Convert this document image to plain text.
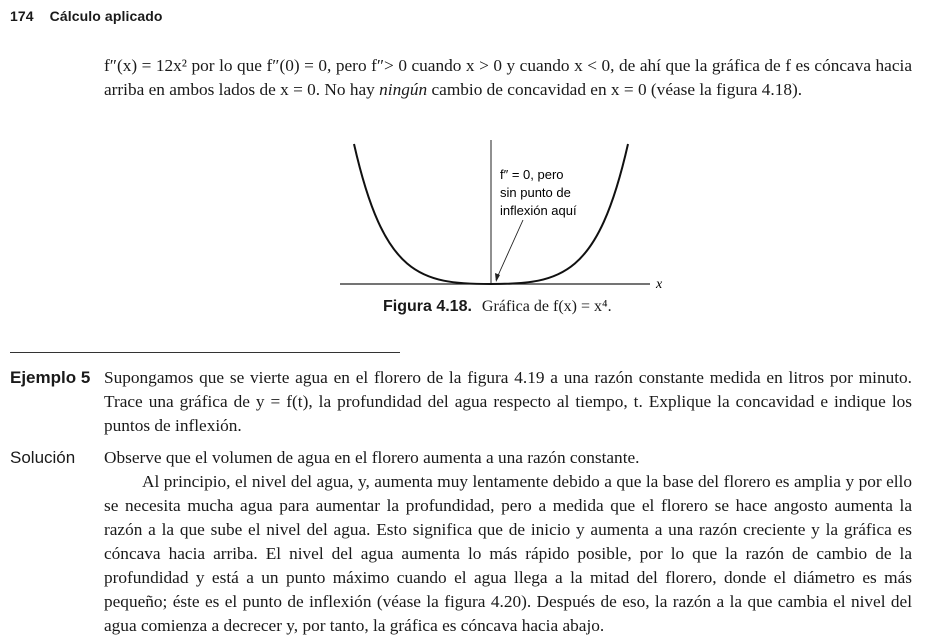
174 Cálculo aplicado
f″(x) = 12x² por lo que f″(0) = 0, pero f″> 0 cuando x > 0 y cuando x < 0, de ahí que la gráfica de f es cóncava hacia arriba en ambos lados de x = 0. No hay ningún cambio de concavidad en x = 0 (véase la figura 4.18).
f″ = 0, pero
sin punto de
inflexión aquí
x
Figura 4.18. Gráfica de f(x) = x⁴.
Ejemplo 5 Supongamos que se vierte agua en el florero de la figura 4.19 a una razón constante medida en litros por minuto. Trace una gráfica de y = f(t), la profundidad del agua respecto al tiempo, t. Explique la concavidad e indique los puntos de inflexión.
Solución Observe que el volumen de agua en el florero aumenta a una razón constante.
Al principio, el nivel del agua, y, aumenta muy lentamente debido a que la base del florero es amplia y por ello se necesita mucha agua para aumentar la profundidad, pero a medida que el florero se hace angosto aumenta la razón a la que sube el nivel del agua. Esto significa que de inicio y aumenta a una razón creciente y la gráfica es cóncava hacia arriba. El nivel del agua aumenta lo más rápido posible, por lo que la razón de cambio de la profundidad y está a un punto máximo cuando el agua llega a la mitad del florero, donde el diámetro es más pequeño; éste es el punto de inflexión (véase la figura 4.20). Después de eso, la razón a la que cambia el nivel del agua comienza a decrecer y, por tanto, la gráfica es cóncava hacia abajo.
